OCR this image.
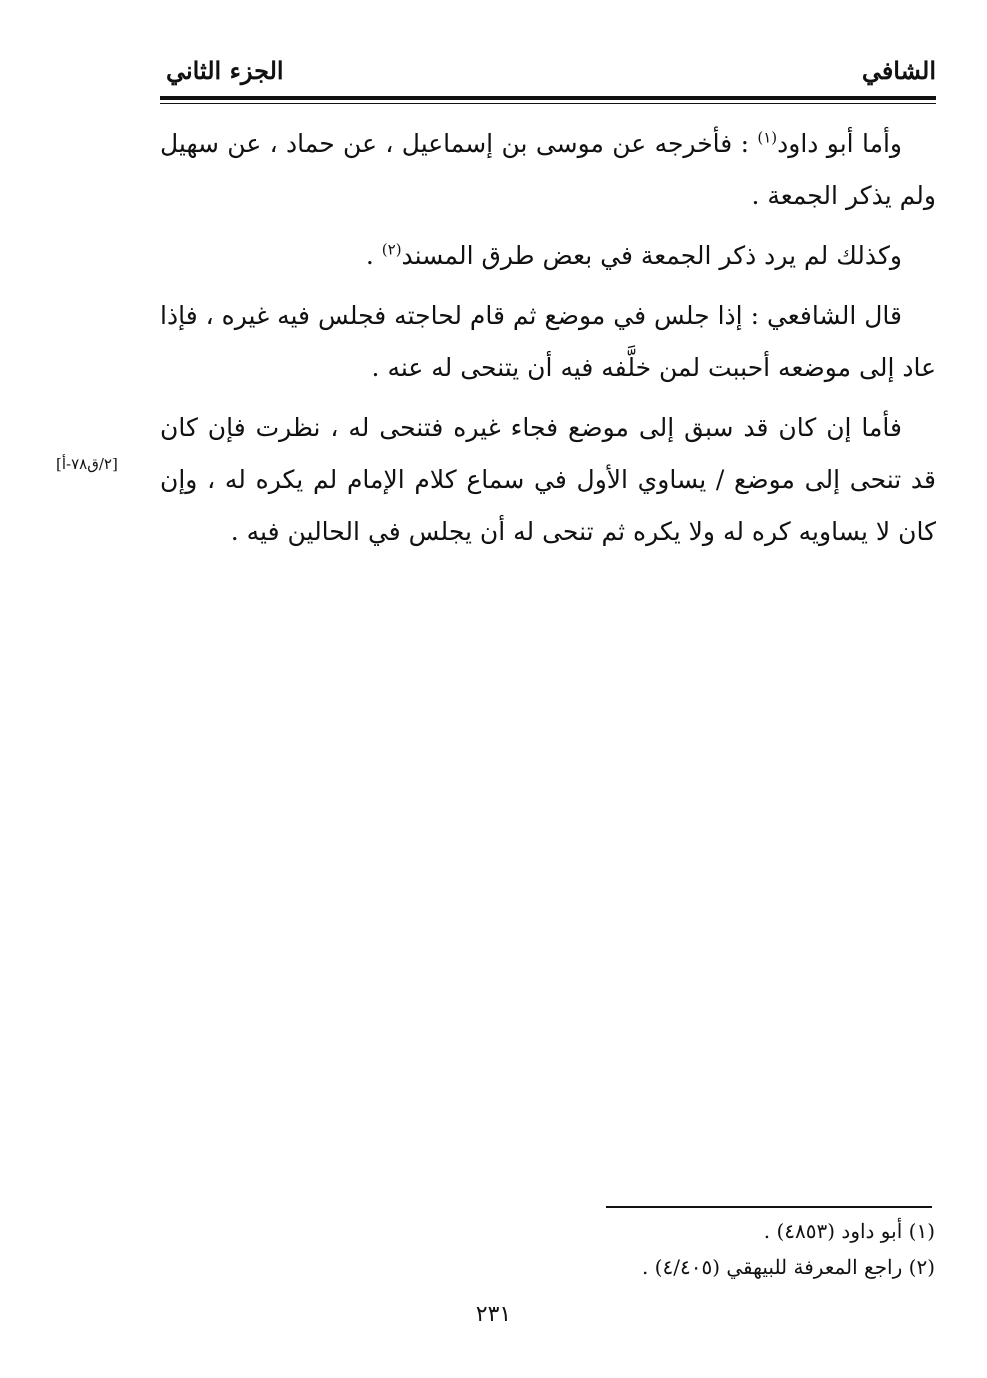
الشافي
الجزء الثاني

وأما أبو داود$^{(١)}$ : فأخرجه عن موسى بن إسماعيل ، عن حماد ، عن سهيل ولم يذكر الجمعة .

وكذلك لم يرد ذكر الجمعة في بعض طرق المسند$^{(٢)}$ .

قال الشافعي : إذا جلس في موضع ثم قام لحاجته فجلس فيه غيره ، فإذا عاد إلى موضعه أحببت لمن خلَّفه فيه أن يتنحى له عنه .

فأما إن كان قد سبق إلى موضع فجاء غيره فتنحى له ، نظرت فإن كان قد تنحى إلى موضع / يساوي الأول في سماع كلام الإمام لم يكره له ، وإن كان لا يساويه كره له ولا يكره ثم تنحى له أن يجلس في الحالين فيه .

[٢/ق٧٨-أ]
(١) أبو داود (٤٨٥٣) .
(٢) راجع المعرفة للبيهقي (٤/٤٠٥) .
٢٣١
